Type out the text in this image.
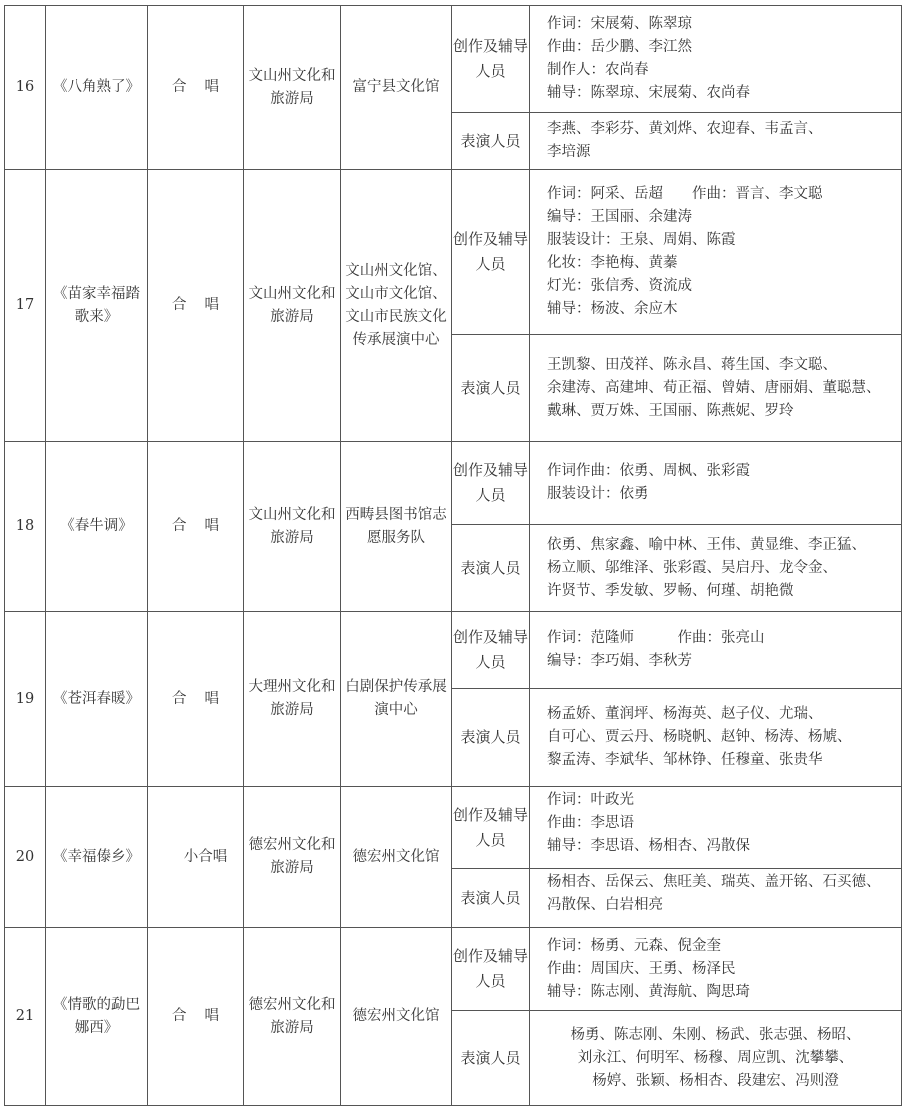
16	《八角熟了》	合唱	文山州文化和旅游局	富宁县文化馆	创作及辅导人员	作词：宋展菊、陈翠琼
作曲：岳少鹏、李江然
制作人：农尚春
辅导：陈翠琼、宋展菊、农尚春

					表演人员	李燕、李彩芬、黄刘烨、农迎春、韦孟言、
李培源

17	《苗家幸福踏歌来》	合唱	文山州文化和旅游局	文山州文化馆、文山市文化馆、文山市民族文化传承展演中心	创作及辅导人员	
作词：阿采、岳超　　作曲：晋言、李文聪
编导：王国丽、余建涛
服装设计：王泉、周娟、陈霞
化妆：李艳梅、黄蓁
灯光：张信秀、资流成
辅导：杨波、余应木

					表演人员	王凯黎、田茂祥、陈永昌、蒋生国、李文聪、
余建涛、高建坤、荀正福、曾婧、唐丽娟、董聪慧、
戴琳、贾万姝、王国丽、陈燕妮、罗玲

18	《春牛调》	合唱	文山州文化和旅游局	西畴县图书馆志愿服务队	创作及辅导人员	作词作曲：依勇、周枫、张彩霞
服装设计：依勇

					表演人员	依勇、焦家鑫、喻中林、王伟、黄显维、李正猛、
杨立顺、邬维泽、张彩霞、吴启丹、龙令金、
许贤节、季发敏、罗畅、何瑾、胡艳微

19	《苍洱春暖》	合唱	大理州文化和旅游局	白剧保护传承展演中心	创作及辅导人员	作词：范隆师　　　作曲：张亮山
编导：李巧娟、李秋芳

					表演人员	杨孟娇、董润坪、杨海英、赵子仪、尤瑞、
自可心、贾云丹、杨晓帆、赵钟、杨涛、杨虓、
黎孟涛、李斌华、邹林铮、任穆童、张贵华

20	《幸福傣乡》	小合唱	德宏州文化和旅游局	德宏州文化馆	创作及辅导人员	作词：叶政光
作曲：李思语
辅导：李思语、杨相杏、冯散保

					表演人员	杨相杏、岳保云、焦旺美、瑞英、盖开铭、石买德、
冯散保、白岩相亮

21	《情歌的勐巴娜西》	合唱	德宏州文化和旅游局	德宏州文化馆	创作及辅导人员	作词：杨勇、元森、倪金奎
作曲：周国庆、王勇、杨泽民
辅导：陈志刚、黄海航、陶思琦

					表演人员	杨勇、陈志刚、朱刚、杨武、张志强、杨昭、
刘永江、何明军、杨穆、周应凯、沈攀攀、
杨婷、张颖、杨相杏、段建宏、冯则澄
